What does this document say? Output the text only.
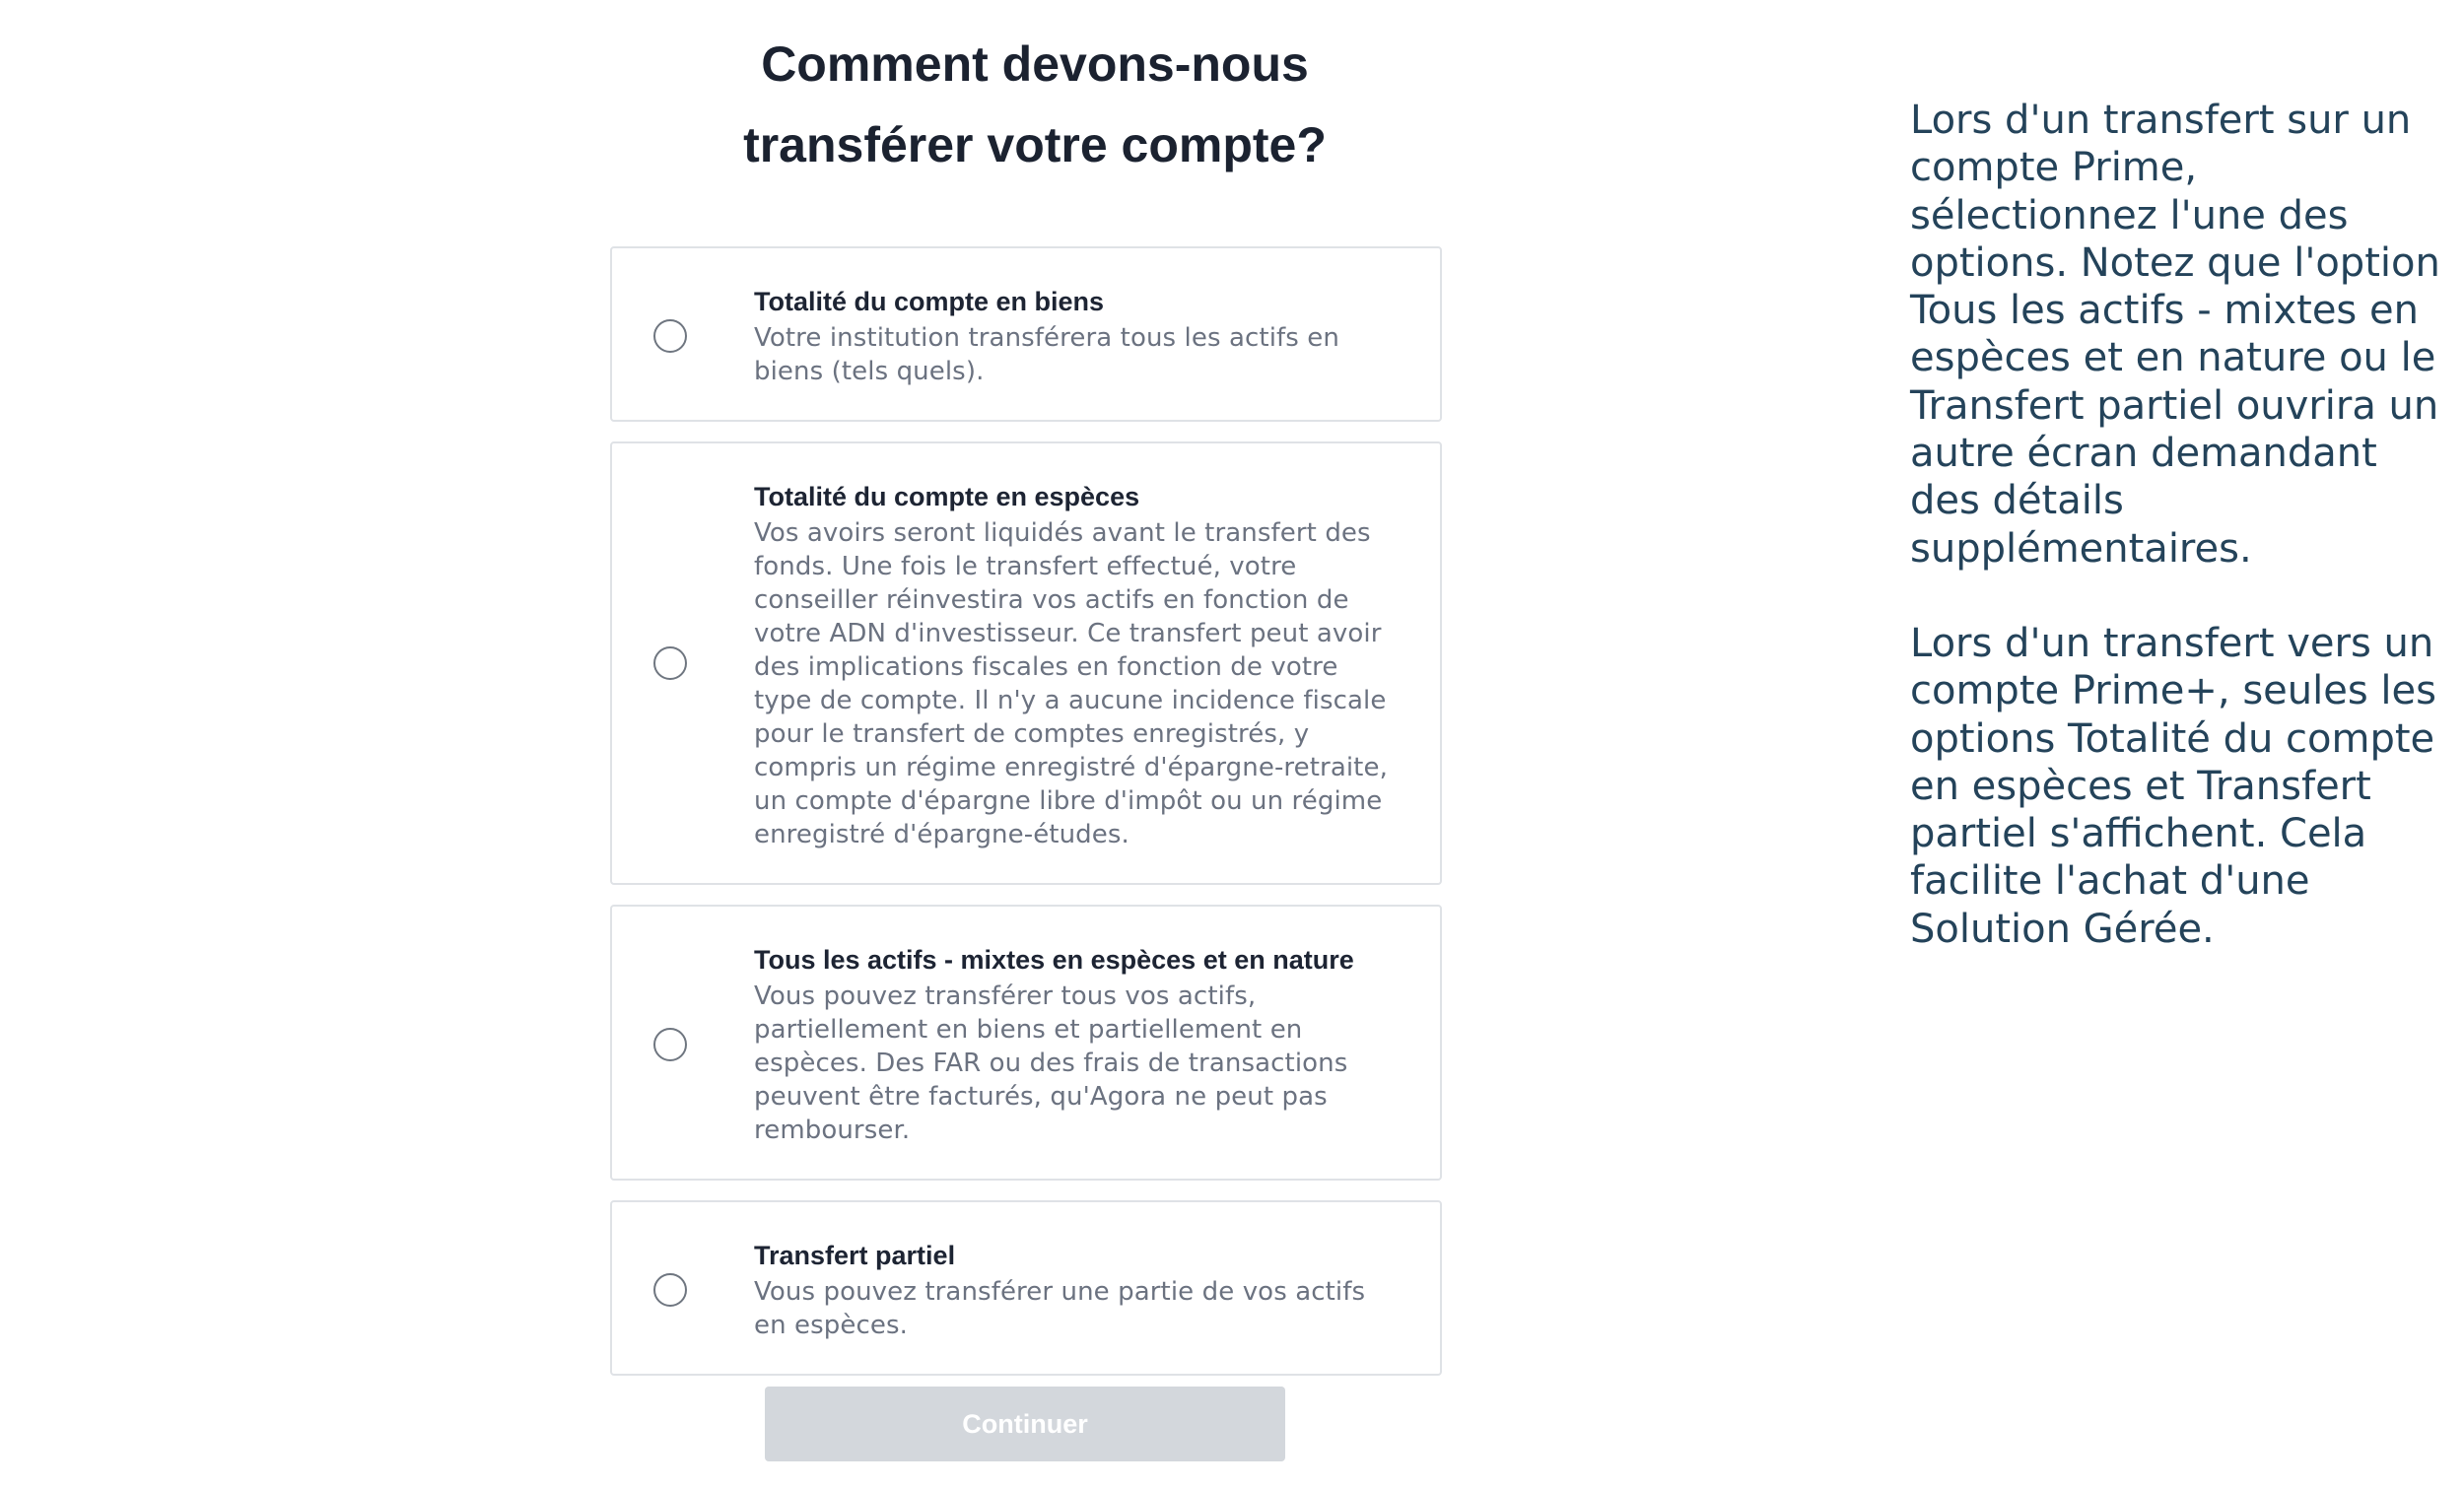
Comment devons-nous
transférer votre compte?

Totalité du compte en biens

Votre institution transférera tous les actifs en biens (tels quels).

Totalité du compte en espèces

Vos avoirs seront liquidés avant le transfert des fonds. Une fois le transfert effectué, votre conseiller réinvestira vos actifs en fonction de votre ADN d'investisseur. Ce transfert peut avoir des implications fiscales en fonction de votre type de compte. Il n'y a aucune incidence fiscale pour le transfert de comptes enregistrés, y compris un régime enregistré d'épargne-retraite, un compte d'épargne libre d'impôt ou un régime enregistré d'épargne-études.

Tous les actifs - mixtes en espèces et en nature

Vous pouvez transférer tous vos actifs, partiellement en biens et partiellement en espèces. Des FAR ou des frais de transactions peuvent être facturés, qu'Agora ne peut pas rembourser.

Transfert partiel

Vous pouvez transférer une partie de vos actifs en espèces.

Continuer

Lors d'un transfert sur un compte Prime, sélectionnez l'une des options. Notez que l'option Tous les actifs - mixtes en espèces et en nature ou le Transfert partiel ouvrira un autre écran demandant des détails supplémentaires.

Lors d'un transfert vers un compte Prime+, seules les options Totalité du compte en espèces et Transfert partiel s'affichent. Cela facilite l'achat d'une Solution Gérée.
